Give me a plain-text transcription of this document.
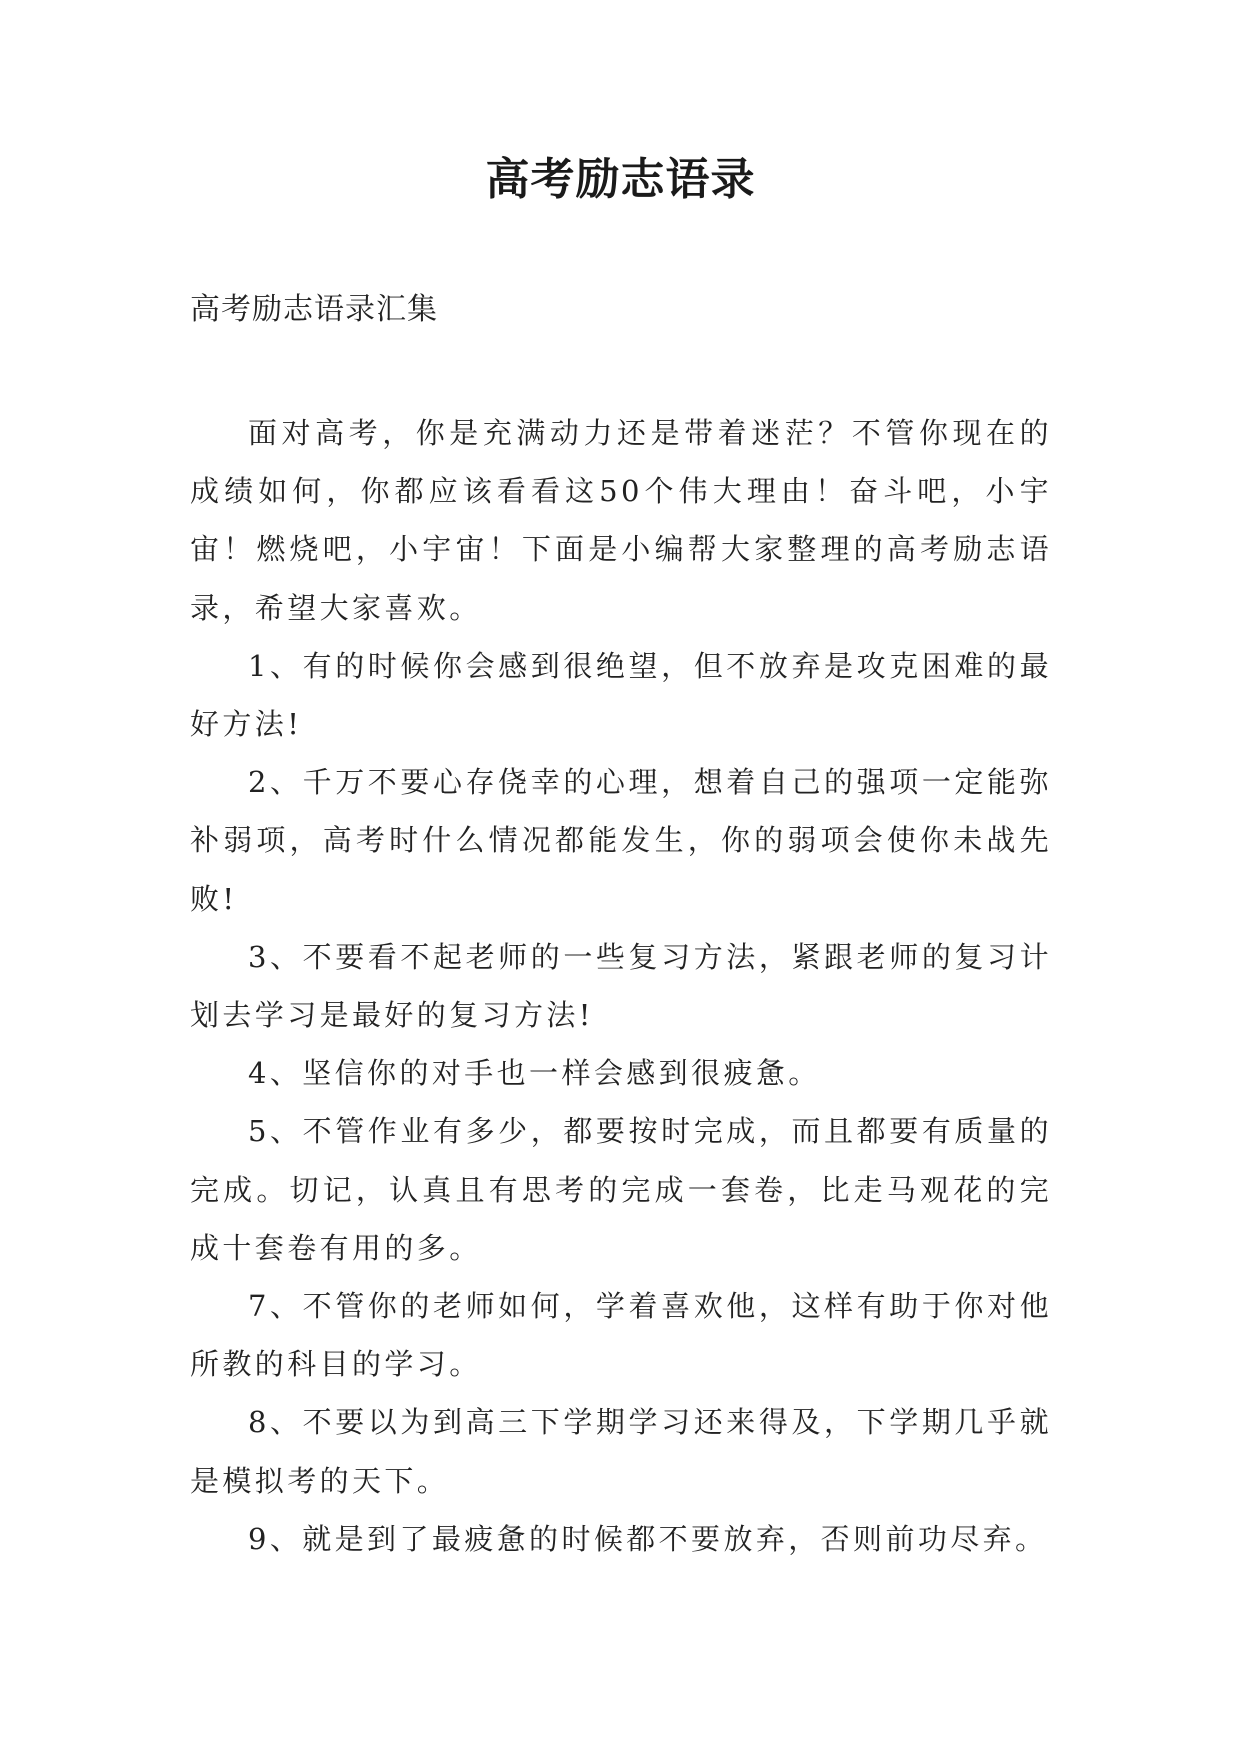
高考励志语录
高考励志语录汇集

面对高考，你是充满动力还是带着迷茫？不管你现在的成绩如何，你都应该看看这50个伟大理由！奋斗吧，小宇宙！燃烧吧，小宇宙！下面是小编帮大家整理的高考励志语录，希望大家喜欢。

1、有的时候你会感到很绝望，但不放弃是攻克困难的最好方法!

2、千万不要心存侥幸的心理，想着自己的强项一定能弥补弱项，高考时什么情况都能发生，你的弱项会使你未战先败!

3、不要看不起老师的一些复习方法，紧跟老师的复习计划去学习是最好的复习方法!

4、坚信你的对手也一样会感到很疲惫。

5、不管作业有多少，都要按时完成，而且都要有质量的完成。切记，认真且有思考的完成一套卷，比走马观花的完成十套卷有用的多。

7、不管你的老师如何，学着喜欢他，这样有助于你对他所教的科目的学习。

8、不要以为到高三下学期学习还来得及，下学期几乎就是模拟考的天下。

9、就是到了最疲惫的时候都不要放弃，否则前功尽弃。
